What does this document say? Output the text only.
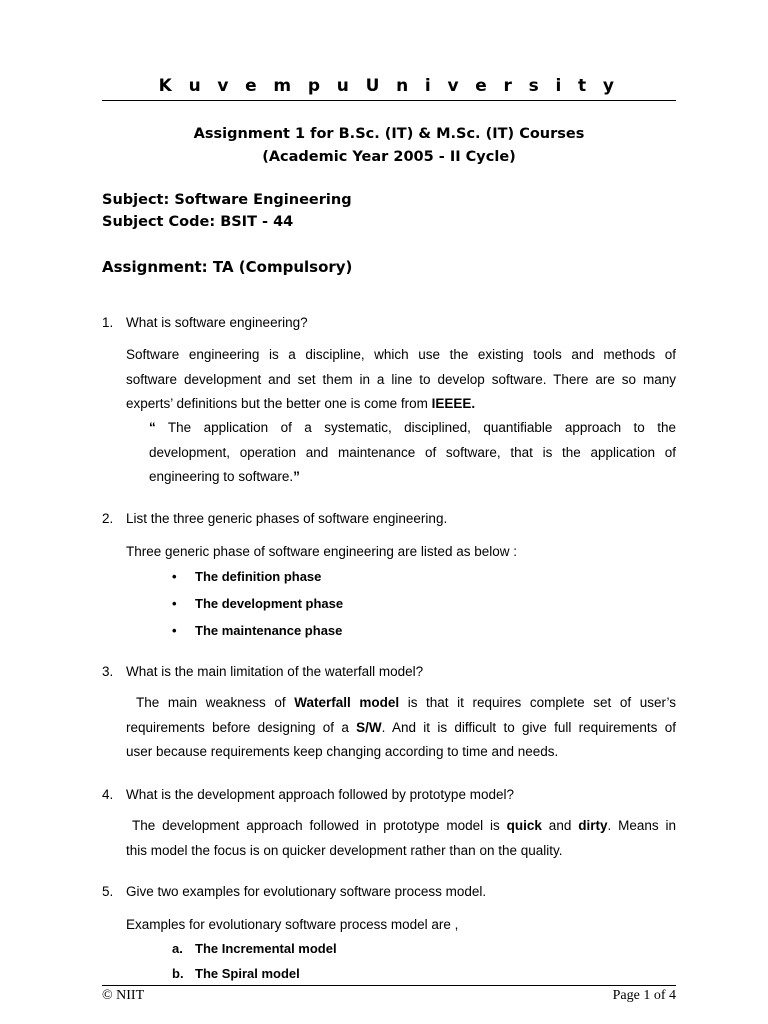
K u v e m p u U n i v e r s i t y
Assignment 1 for B.Sc. (IT) & M.Sc. (IT) Courses
(Academic Year 2005 - II Cycle)
Subject: Software Engineering
Subject Code: BSIT - 44
Assignment: TA (Compulsory)
1. What is software engineering?
Software engineering is a discipline, which use the existing tools and methods of
software development and set them in a line to develop software. There are so many
experts’ definitions but the better one is come from IEEEE.
“ The application of a systematic, disciplined, quantifiable approach to the
development, operation and maintenance of software, that is the application of
engineering to software.”
2. List the three generic phases of software engineering.
Three generic phase of software engineering are listed as below :
• The definition phase
• The development phase
• The maintenance phase
3. What is the main limitation of the waterfall model?
The main weakness of Waterfall model is that it requires complete set of user’s
requirements before designing of a S/W. And it is difficult to give full requirements of
user because requirements keep changing according to time and needs.
4. What is the development approach followed by prototype model?
The development approach followed in prototype model is quick and dirty. Means in
this model the focus is on quicker development rather than on the quality.
5. Give two examples for evolutionary software process model.
Examples for evolutionary software process model are ,
a. The Incremental model
b. The Spiral model
© NIIT	Page 1 of 4
